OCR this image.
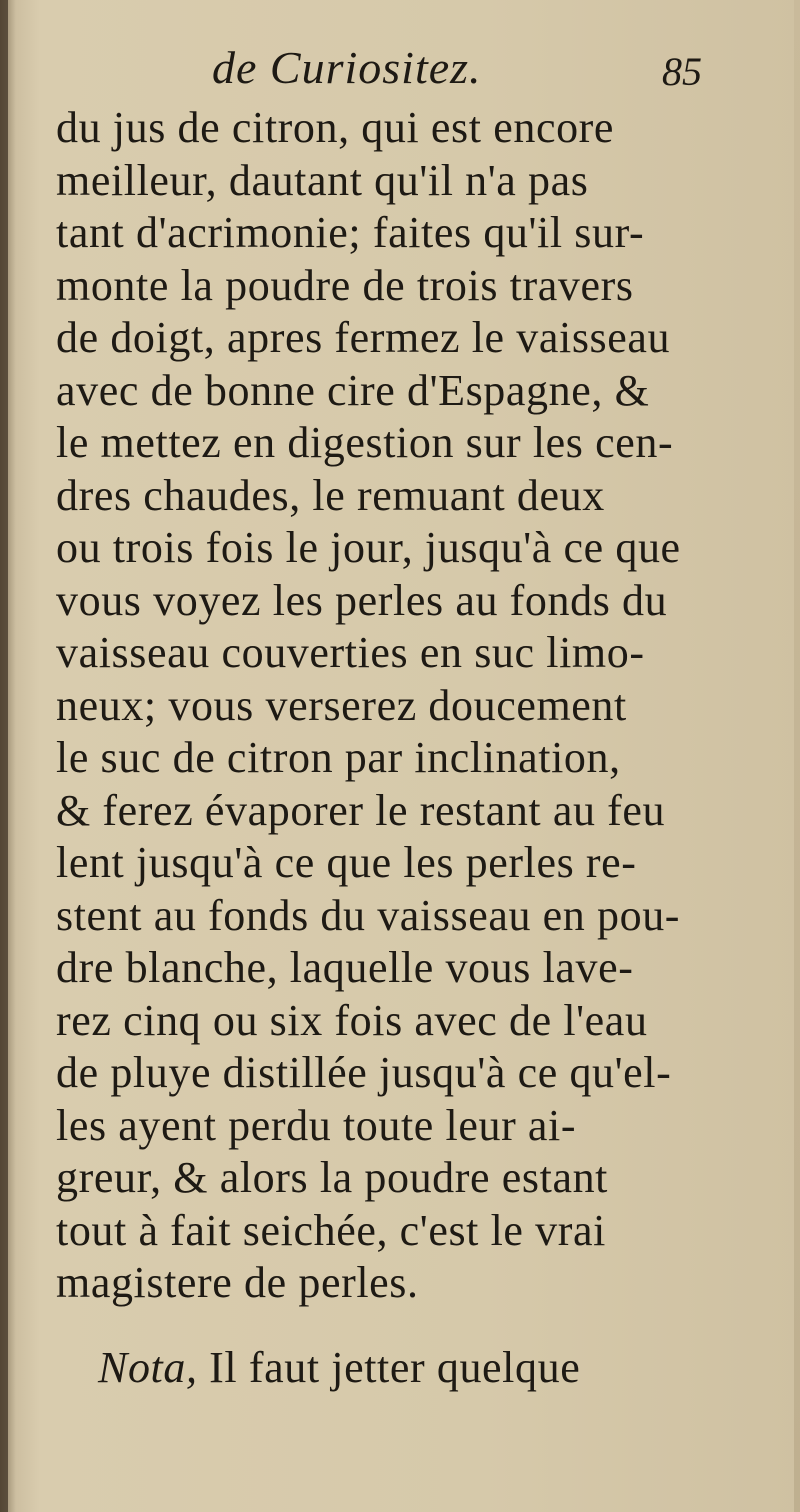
de Curiositez.	85
du jus de citron, qui est encore
meilleur, dautant qu'il n'a pas
tant d'acrimonie; faites qu'il sur-
monte la poudre de trois travers
de doigt, apres fermez le vaisseau
avec de bonne cire d'Espagne, &
le mettez en digestion sur les cen-
dres chaudes, le remuant deux
ou trois fois le jour, jusqu'à ce que
vous voyez les perles au fonds du
vaisseau couverties en suc limo-
neux; vous verserez doucement
le suc de citron par inclination,
& ferez évaporer le restant au feu
lent jusqu'à ce que les perles re-
stent au fonds du vaisseau en pou-
dre blanche, laquelle vous lave-
rez cinq ou six fois avec de l'eau
de pluye distillée jusqu'à ce qu'el-
les ayent perdu toute leur ai-
greur, & alors la poudre estant
tout à fait seichée, c'est le vrai
magistere de perles.
Nota, Il faut jetter quelque
